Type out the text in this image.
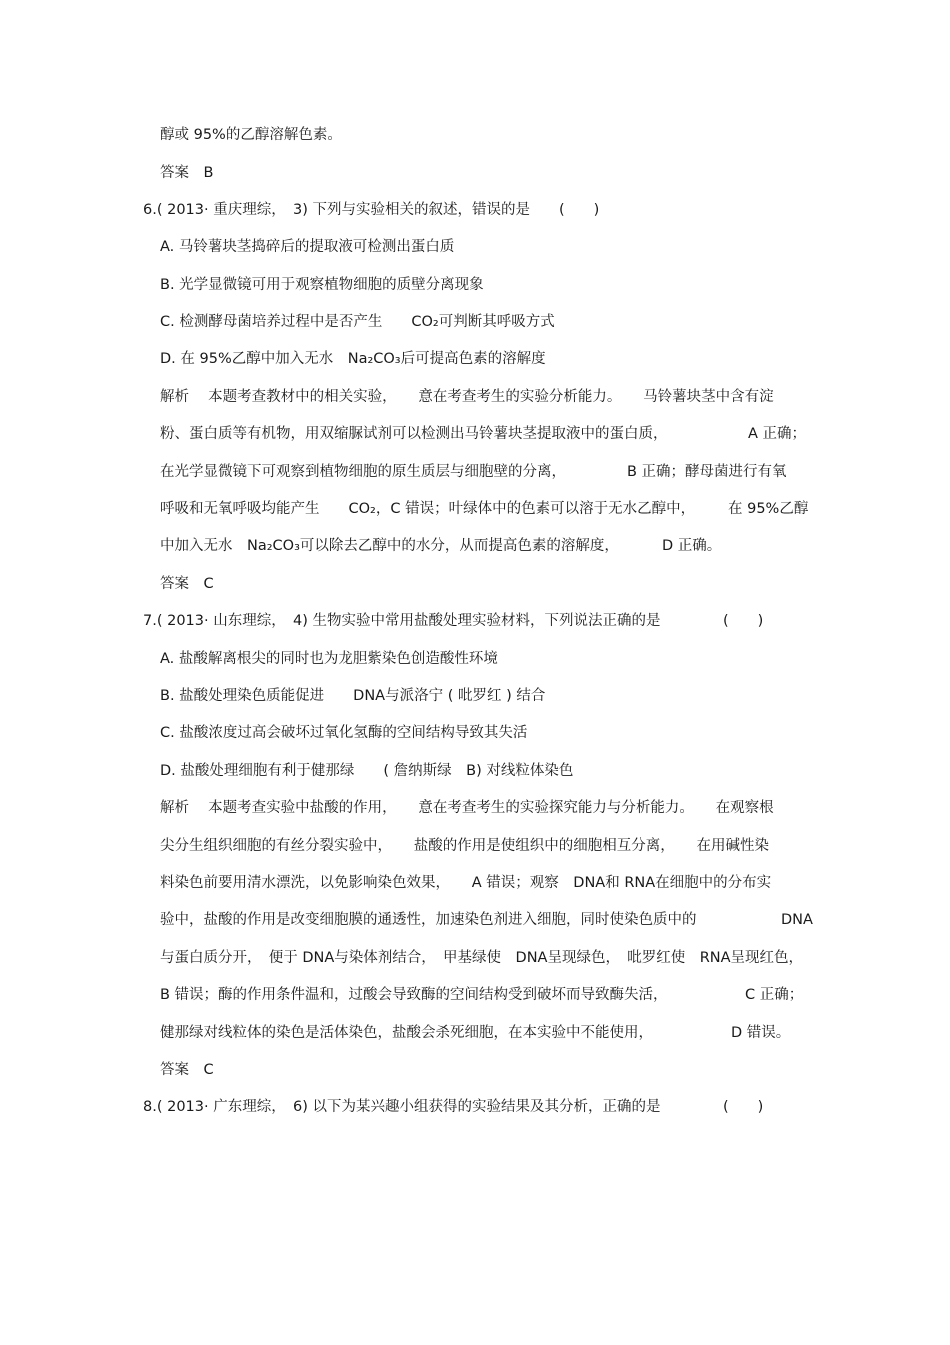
醇或 95%的乙醇溶解色素。
答案　B
6.( 2013· 重庆理综，　3) 下列与实验相关的叙述，错误的是　　(　　)
A. 马铃薯块茎捣碎后的提取液可检测出蛋白质
B. 光学显微镜可用于观察植物细胞的质壁分离现象
C. 检测酵母菌培养过程中是否产生　　CO₂可判断其呼吸方式
D. 在 95%乙醇中加入无水　Na₂CO₃后可提高色素的溶解度
解析　 本题考查教材中的相关实验，　　意在考查考生的实验分析能力。　　马铃薯块茎中含有淀
粉、蛋白质等有机物，用双缩脲试剂可以检测出马铃薯块茎提取液中的蛋白质，	A 正确；
在光学显微镜下可观察到植物细胞的原生质层与细胞壁的分离，	B 正确；酵母菌进行有氧
呼吸和无氧呼吸均能产生　　CO₂，C 错误；叶绿体中的色素可以溶于无水乙醇中， 在 95%乙醇
中加入无水　Na₂CO₃可以除去乙醇中的水分，从而提高色素的溶解度，	D 正确。
答案　C
7.( 2013· 山东理综，　4) 生物实验中常用盐酸处理实验材料，下列说法正确的是	(　　)
A. 盐酸解离根尖的同时也为龙胆紫染色创造酸性环境
B. 盐酸处理染色质能促进　　DNA与派洛宁 ( 吡罗红 ) 结合
C. 盐酸浓度过高会破坏过氧化氢酶的空间结构导致其失活
D. 盐酸处理细胞有利于健那绿　　( 詹纳斯绿　B) 对线粒体染色
解析　 本题考查实验中盐酸的作用，　　意在考查考生的实验探究能力与分析能力。　　在观察根
尖分生组织细胞的有丝分裂实验中，　　盐酸的作用是使组织中的细胞相互分离，　　在用碱性染
料染色前要用清水漂洗，以免影响染色效果，　　A 错误；观察　DNA和 RNA在细胞中的分布实
验中，盐酸的作用是改变细胞膜的通透性，加速染色剂进入细胞，同时使染色质中的	DNA
与蛋白质分开，　便于 DNA与染体剂结合，　甲基绿使　DNA呈现绿色，　吡罗红使　RNA呈现红色，
B 错误；酶的作用条件温和，过酸会导致酶的空间结构受到破坏而导致酶失活，	C 正确；
健那绿对线粒体的染色是活体染色，盐酸会杀死细胞，在本实验中不能使用，	D 错误。
答案　C
8.( 2013· 广东理综，　6) 以下为某兴趣小组获得的实验结果及其分析，正确的是	(　　)
